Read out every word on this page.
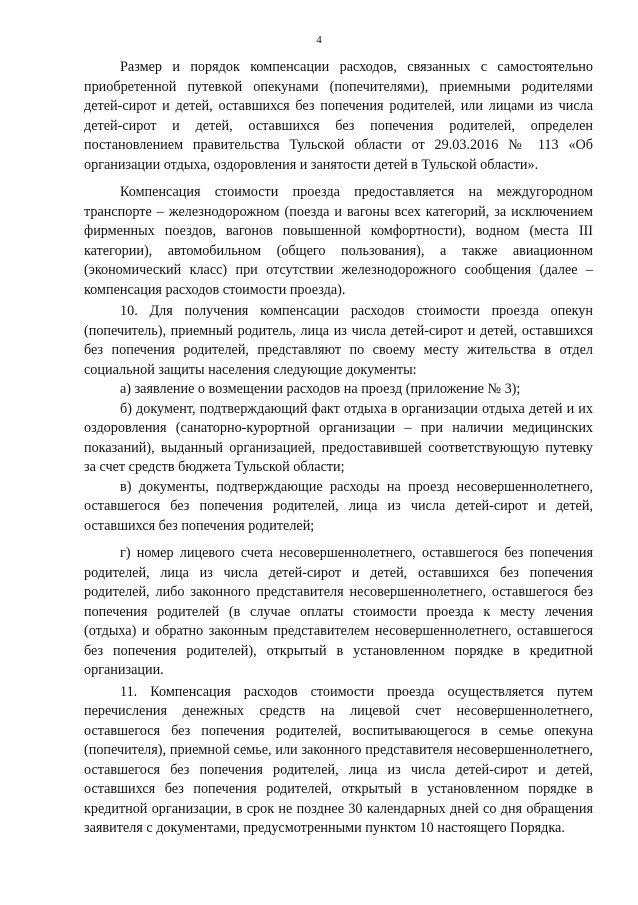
4

Размер и порядок компенсации расходов, связанных с самостоятельно приобретенной путевкой опекунами (попечителями), приемными родителями детей-сирот и детей, оставшихся без попечения родителей, или лицами из числа детей-сирот и детей, оставшихся без попечения родителей, определен постановлением правительства Тульской области от 29.03.2016 № 113 «Об организации отдыха, оздоровления и занятости детей в Тульской области».

Компенсация стоимости проезда предоставляется на междугородном транспорте – железнодорожном (поезда и вагоны всех категорий, за исключением фирменных поездов, вагонов повышенной комфортности), водном (места III категории), автомобильном (общего пользования), а также авиационном (экономический класс) при отсутствии железнодорожного сообщения (далее – компенсация расходов стоимости проезда).

10. Для получения компенсации расходов стоимости проезда опекун (попечитель), приемный родитель, лица из числа детей-сирот и детей, оставшихся без попечения родителей, представляют по своему месту жительства в отдел социальной защиты населения следующие документы:

а) заявление о возмещении расходов на проезд (приложение № 3);

б) документ, подтверждающий факт отдыха в организации отдыха детей и их оздоровления (санаторно-курортной организации – при наличии медицинских показаний), выданный организацией, предоставившей соответствующую путевку за счет средств бюджета Тульской области;

в) документы, подтверждающие расходы на проезд несовершеннолетнего, оставшегося без попечения родителей, лица из числа детей-сирот и детей, оставшихся без попечения родителей;

г) номер лицевого счета несовершеннолетнего, оставшегося без попечения родителей, лица из числа детей-сирот и детей, оставшихся без попечения родителей, либо законного представителя несовершеннолетнего, оставшегося без попечения родителей (в случае оплаты стоимости проезда к месту лечения (отдыха) и обратно законным представителем несовершеннолетнего, оставшегося без попечения родителей), открытый в установленном порядке в кредитной организации.

11. Компенсация расходов стоимости проезда осуществляется путем перечисления денежных средств на лицевой счет несовершеннолетнего, оставшегося без попечения родителей, воспитывающегося в семье опекуна (попечителя), приемной семье, или законного представителя несовершеннолетнего, оставшегося без попечения родителей, лица из числа детей-сирот и детей, оставшихся без попечения родителей, открытый в установленном порядке в кредитной организации, в срок не позднее 30 календарных дней со дня обращения заявителя с документами, предусмотренными пунктом 10 настоящего Порядка.
